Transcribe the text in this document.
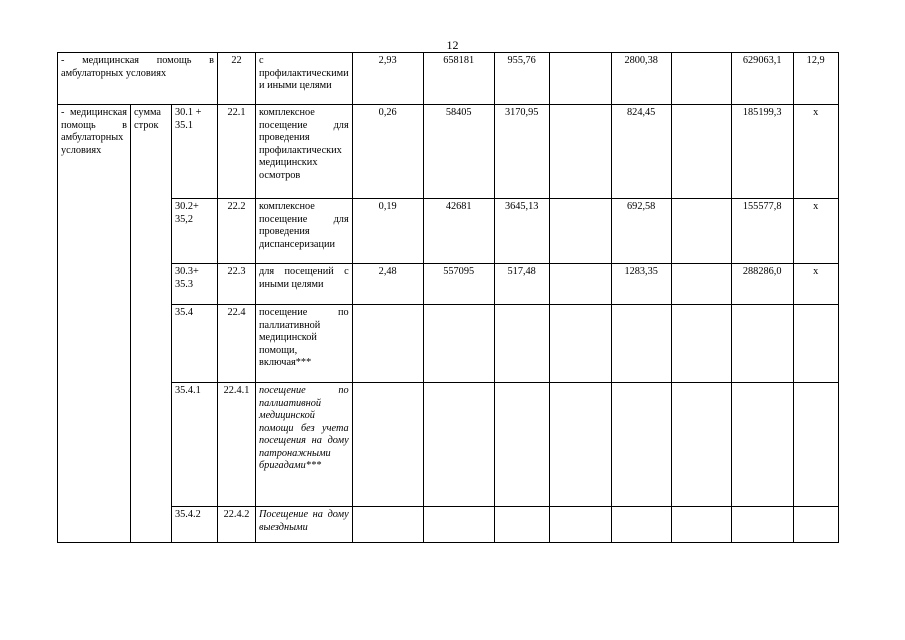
12
- медицинская помощь в амбулаторных условиях			22	с профилактическими и иными целями	2,93	658181	955,76		2800,38		629063,1	12,9
- медицинская помощь в амбулаторных условиях	сумма строк	30.1 + 35.1	22.1	комплексное посещение для проведения профилактических медицинских осмотров	0,26	58405	3170,95		824,45		185199,3	х
		30.2+ 35,2	22.2	комплексное посещение для проведения диспансеризации	0,19	42681	3645,13		692,58		155577,8	х
		30.3+ 35.3	22.3	для посещений с иными целями	2,48	557095	517,48		1283,35		288286,0	х
		35.4	22.4	посещение по паллиативной медицинской помощи, включая***								
		35.4.1	22.4.1	посещение по паллиативной медицинской помощи без учета посещения на дому патронажными бригадами***								
		35.4.2	22.4.2	Посещение на дому выездными								
